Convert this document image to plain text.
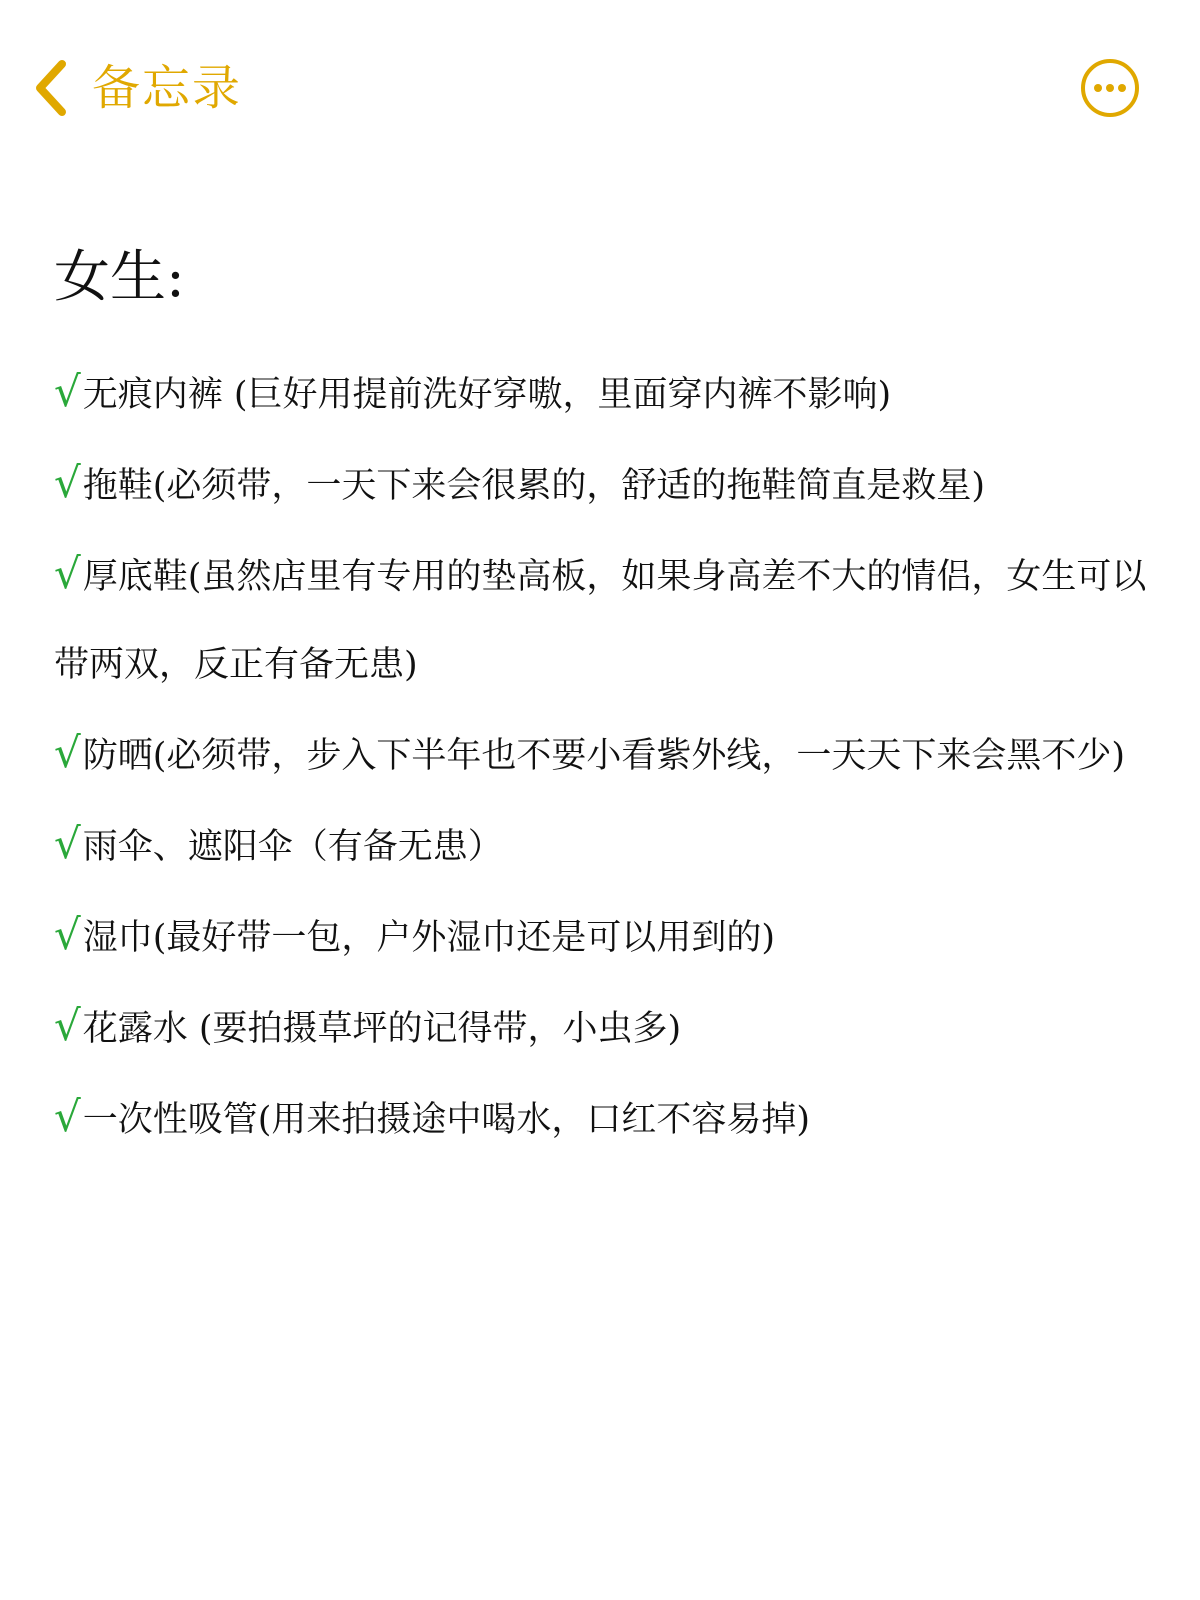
备忘录
女生:

√无痕内裤 (巨好用提前洗好穿嗷，里面穿内裤不影响)

√拖鞋(必须带，一天下来会很累的，舒适的拖鞋简直是救星)

√厚底鞋(虽然店里有专用的垫高板，如果身高差不大的情侣，女生可以带两双，反正有备无患)

√防晒(必须带，步入下半年也不要小看紫外线，一天天下来会黑不少)

√雨伞、遮阳伞（有备无患）

√湿巾(最好带一包，户外湿巾还是可以用到的)

√花露水 (要拍摄草坪的记得带，小虫多)

√一次性吸管(用来拍摄途中喝水，口红不容易掉)
